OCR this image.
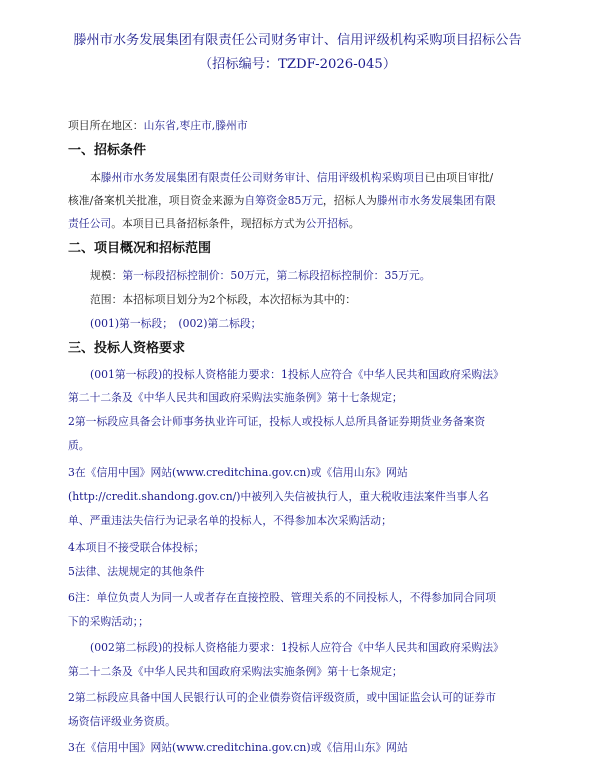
滕州市水务发展集团有限责任公司财务审计、信用评级机构采购项目招标公告
（招标编号：TZDF-2026-045）
项目所在地区：山东省,枣庄市,滕州市
一、招标条件
本滕州市水务发展集团有限责任公司财务审计、信用评级机构采购项目已由项目审批/
核准/备案机关批准，项目资金来源为自筹资金85万元，招标人为滕州市水务发展集团有限
责任公司。本项目已具备招标条件，现招标方式为公开招标。
二、项目概况和招标范围
规模：第一标段招标控制价：50万元，第二标段招标控制价：35万元。
范围：本招标项目划分为2个标段，本次招标为其中的：
(001)第一标段；　(002)第二标段；
三、投标人资格要求
(001第一标段)的投标人资格能力要求：1投标人应符合《中华人民共和国政府采购法》
第二十二条及《中华人民共和国政府采购法实施条例》第十七条规定；
2第一标段应具备会计师事务执业许可证，投标人或投标人总所具备证券期货业务备案资
质。
3在《信用中国》网站(www.creditchina.gov.cn)或《信用山东》网站
(http://credit.shandong.gov.cn/)中被列入失信被执行人，重大税收违法案件当事人名
单、严重违法失信行为记录名单的投标人，不得参加本次采购活动；
4本项目不接受联合体投标；
5法律、法规规定的其他条件
6注：单位负责人为同一人或者存在直接控股、管理关系的不同投标人，不得参加同合同项
下的采购活动；；
(002第二标段)的投标人资格能力要求：1投标人应符合《中华人民共和国政府采购法》
第二十二条及《中华人民共和国政府采购法实施条例》第十七条规定；
2第二标段应具备中国人民银行认可的企业债券资信评级资质，或中国证监会认可的证券市
场资信评级业务资质。
3在《信用中国》网站(www.creditchina.gov.cn)或《信用山东》网站
